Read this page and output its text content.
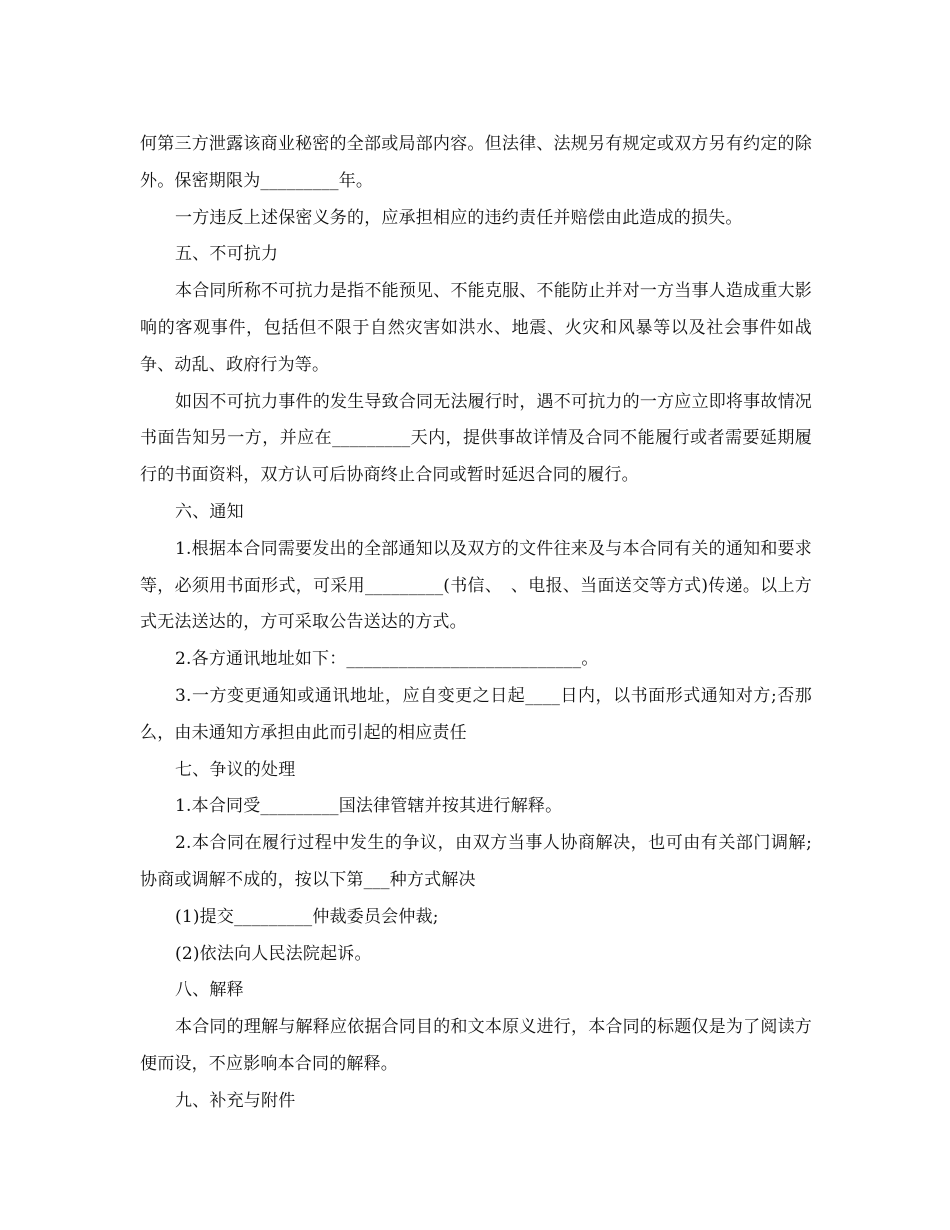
何第三方泄露该商业秘密的全部或局部内容。但法律、法规另有规定或双方另有约定的除外。保密期限为_________年。

一方违反上述保密义务的，应承担相应的违约责任并赔偿由此造成的损失。

五、不可抗力

本合同所称不可抗力是指不能预见、不能克服、不能防止并对一方当事人造成重大影响的客观事件，包括但不限于自然灾害如洪水、地震、火灾和风暴等以及社会事件如战争、动乱、政府行为等。

如因不可抗力事件的发生导致合同无法履行时，遇不可抗力的一方应立即将事故情况书面告知另一方，并应在_________天内，提供事故详情及合同不能履行或者需要延期履行的书面资料，双方认可后协商终止合同或暂时延迟合同的履行。

六、通知

1.根据本合同需要发出的全部通知以及双方的文件往来及与本合同有关的通知和要求等，必须用书面形式，可采用_________(书信、　、电报、当面送交等方式)传递。以上方式无法送达的，方可采取公告送达的方式。

2.各方通讯地址如下：___________________________。

3.一方变更通知或通讯地址，应自变更之日起____日内，以书面形式通知对方;否那么，由未通知方承担由此而引起的相应责任

七、争议的处理

1.本合同受_________国法律管辖并按其进行解释。

2.本合同在履行过程中发生的争议，由双方当事人协商解决，也可由有关部门调解;协商或调解不成的，按以下第___种方式解决

(1)提交_________仲裁委员会仲裁;

(2)依法向人民法院起诉。

八、解释

本合同的理解与解释应依据合同目的和文本原义进行，本合同的标题仅是为了阅读方便而设，不应影响本合同的解释。

九、补充与附件
